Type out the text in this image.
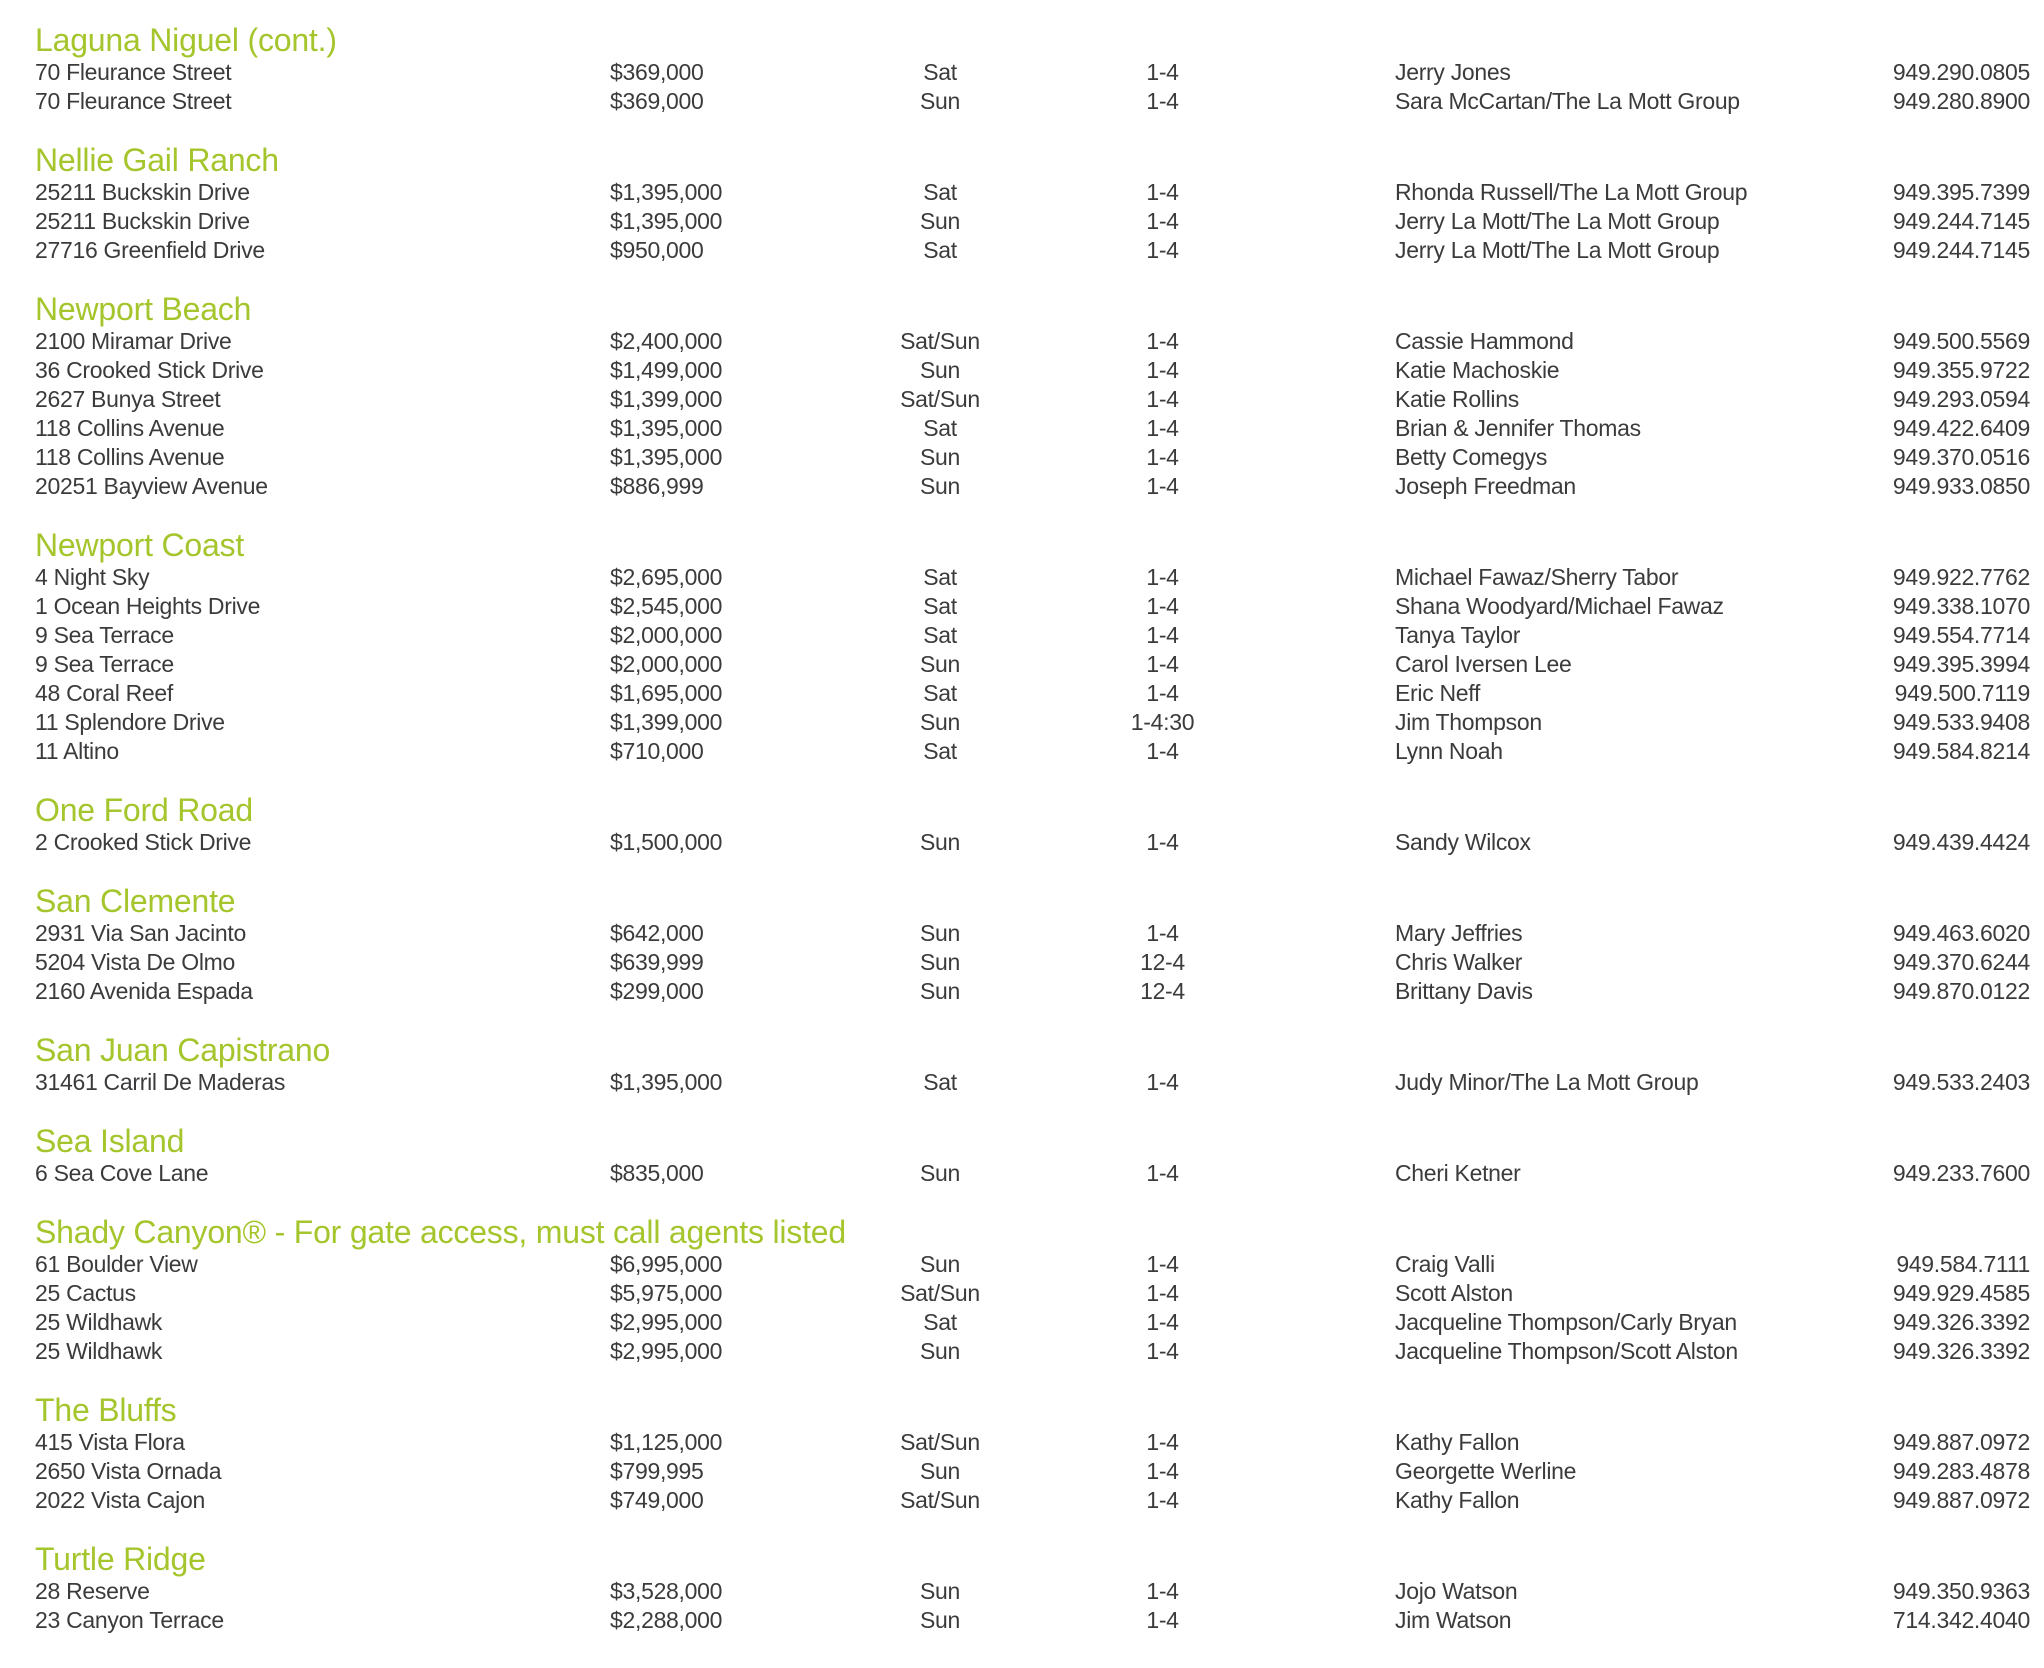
Laguna Niguel (cont.)
70 Fleurance Street	$369,000	Sat	1-4	Jerry Jones	949.290.0805
70 Fleurance Street	$369,000	Sun	1-4	Sara McCartan/The La Mott Group	949.280.8900
Nellie Gail Ranch
25211 Buckskin Drive	$1,395,000	Sat	1-4	Rhonda Russell/The La Mott Group	949.395.7399
25211 Buckskin Drive	$1,395,000	Sun	1-4	Jerry La Mott/The La Mott Group	949.244.7145
27716 Greenfield Drive	$950,000	Sat	1-4	Jerry La Mott/The La Mott Group	949.244.7145
Newport Beach
2100 Miramar Drive	$2,400,000	Sat/Sun	1-4	Cassie Hammond	949.500.5569
36 Crooked Stick Drive	$1,499,000	Sun	1-4	Katie Machoskie	949.355.9722
2627 Bunya Street	$1,399,000	Sat/Sun	1-4	Katie Rollins	949.293.0594
118 Collins Avenue	$1,395,000	Sat	1-4	Brian & Jennifer Thomas	949.422.6409
118 Collins Avenue	$1,395,000	Sun	1-4	Betty Comegys	949.370.0516
20251 Bayview Avenue	$886,999	Sun	1-4	Joseph Freedman	949.933.0850
Newport Coast
4 Night Sky	$2,695,000	Sat	1-4	Michael Fawaz/Sherry Tabor	949.922.7762
1 Ocean Heights Drive	$2,545,000	Sat	1-4	Shana Woodyard/Michael Fawaz	949.338.1070
9 Sea Terrace	$2,000,000	Sat	1-4	Tanya Taylor	949.554.7714
9 Sea Terrace	$2,000,000	Sun	1-4	Carol Iversen Lee	949.395.3994
48 Coral Reef	$1,695,000	Sat	1-4	Eric Neff	949.500.7119
11 Splendore Drive	$1,399,000	Sun	1-4:30	Jim Thompson	949.533.9408
11 Altino	$710,000	Sat	1-4	Lynn Noah	949.584.8214
One Ford Road
2 Crooked Stick Drive	$1,500,000	Sun	1-4	Sandy Wilcox	949.439.4424
San Clemente
2931 Via San Jacinto	$642,000	Sun	1-4	Mary Jeffries	949.463.6020
5204 Vista De Olmo	$639,999	Sun	12-4	Chris Walker	949.370.6244
2160 Avenida Espada	$299,000	Sun	12-4	Brittany Davis	949.870.0122
San Juan Capistrano
31461 Carril De Maderas	$1,395,000	Sat	1-4	Judy Minor/The La Mott Group	949.533.2403
Sea Island
6 Sea Cove Lane	$835,000	Sun	1-4	Cheri Ketner	949.233.7600
Shady Canyon® - For gate access, must call agents listed
61 Boulder View	$6,995,000	Sun	1-4	Craig Valli	949.584.7111
25 Cactus	$5,975,000	Sat/Sun	1-4	Scott Alston	949.929.4585
25 Wildhawk	$2,995,000	Sat	1-4	Jacqueline Thompson/Carly Bryan	949.326.3392
25 Wildhawk	$2,995,000	Sun	1-4	Jacqueline Thompson/Scott Alston	949.326.3392
The Bluffs
415 Vista Flora	$1,125,000	Sat/Sun	1-4	Kathy Fallon	949.887.0972
2650 Vista Ornada	$799,995	Sun	1-4	Georgette Werline	949.283.4878
2022 Vista Cajon	$749,000	Sat/Sun	1-4	Kathy Fallon	949.887.0972
Turtle Ridge
28 Reserve	$3,528,000	Sun	1-4	Jojo Watson	949.350.9363
23 Canyon Terrace	$2,288,000	Sun	1-4	Jim Watson	714.342.4040
